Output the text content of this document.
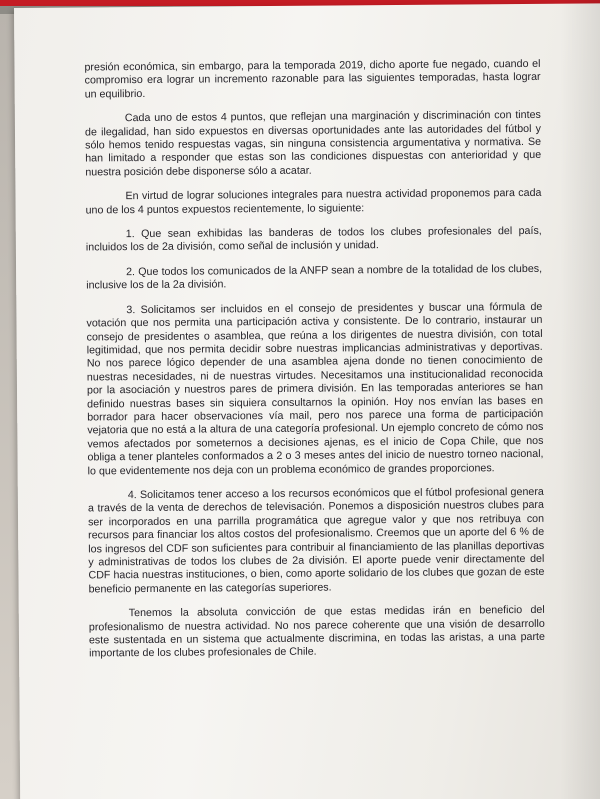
presión económica, sin embargo, para la temporada 2019, dicho aporte fue negado, cuando el compromiso era lograr un incremento razonable para las siguientes temporadas, hasta lograr un equilibrio.

Cada uno de estos 4 puntos, que reflejan una marginación y discriminación con tintes de ilegalidad, han sido expuestos en diversas oportunidades ante las autoridades del fútbol y sólo hemos tenido respuestas vagas, sin ninguna consistencia argumentativa y normativa. Se han limitado a responder que estas son las condiciones dispuestas con anterioridad y que nuestra posición debe disponerse sólo a acatar.

En virtud de lograr soluciones integrales para nuestra actividad proponemos para cada uno de los 4 puntos expuestos recientemente, lo siguiente:

1. Que sean exhibidas las banderas de todos los clubes profesionales del país, incluidos los de 2a división, como señal de inclusión y unidad.

2. Que todos los comunicados de la ANFP sean a nombre de la totalidad de los clubes, inclusive los de la 2a división.

3. Solicitamos ser incluidos en el consejo de presidentes y buscar una fórmula de votación que nos permita una participación activa y consistente. De lo contrario, instaurar un consejo de presidentes o asamblea, que reúna a los dirigentes de nuestra división, con total legitimidad, que nos permita decidir sobre nuestras implicancias administrativas y deportivas. No nos parece lógico depender de una asamblea ajena donde no tienen conocimiento de nuestras necesidades, ni de nuestras virtudes. Necesitamos una institucionalidad reconocida por la asociación y nuestros pares de primera división. En las temporadas anteriores se han definido nuestras bases sin siquiera consultarnos la opinión. Hoy nos envían las bases en borrador para hacer observaciones vía mail, pero nos parece una forma de participación vejatoria que no está a la altura de una categoría profesional. Un ejemplo concreto de cómo nos vemos afectados por someternos a decisiones ajenas, es el inicio de Copa Chile, que nos obliga a tener planteles conformados a 2 o 3 meses antes del inicio de nuestro torneo nacional, lo que evidentemente nos deja con un problema económico de grandes proporciones.

4. Solicitamos tener acceso a los recursos económicos que el fútbol profesional genera a través de la venta de derechos de televisación. Ponemos a disposición nuestros clubes para ser incorporados en una parrilla programática que agregue valor y que nos retribuya con recursos para financiar los altos costos del profesionalismo. Creemos que un aporte del 6 % de los ingresos del CDF son suficientes para contribuir al financiamiento de las planillas deportivas y administrativas de todos los clubes de 2a división. El aporte puede venir directamente del CDF hacia nuestras instituciones, o bien, como aporte solidario de los clubes que gozan de este beneficio permanente en las categorías superiores.

Tenemos la absoluta convicción de que estas medidas irán en beneficio del profesionalismo de nuestra actividad. No nos parece coherente que una visión de desarrollo este sustentada en un sistema que actualmente discrimina, en todas las aristas, a una parte importante de los clubes profesionales de Chile.
